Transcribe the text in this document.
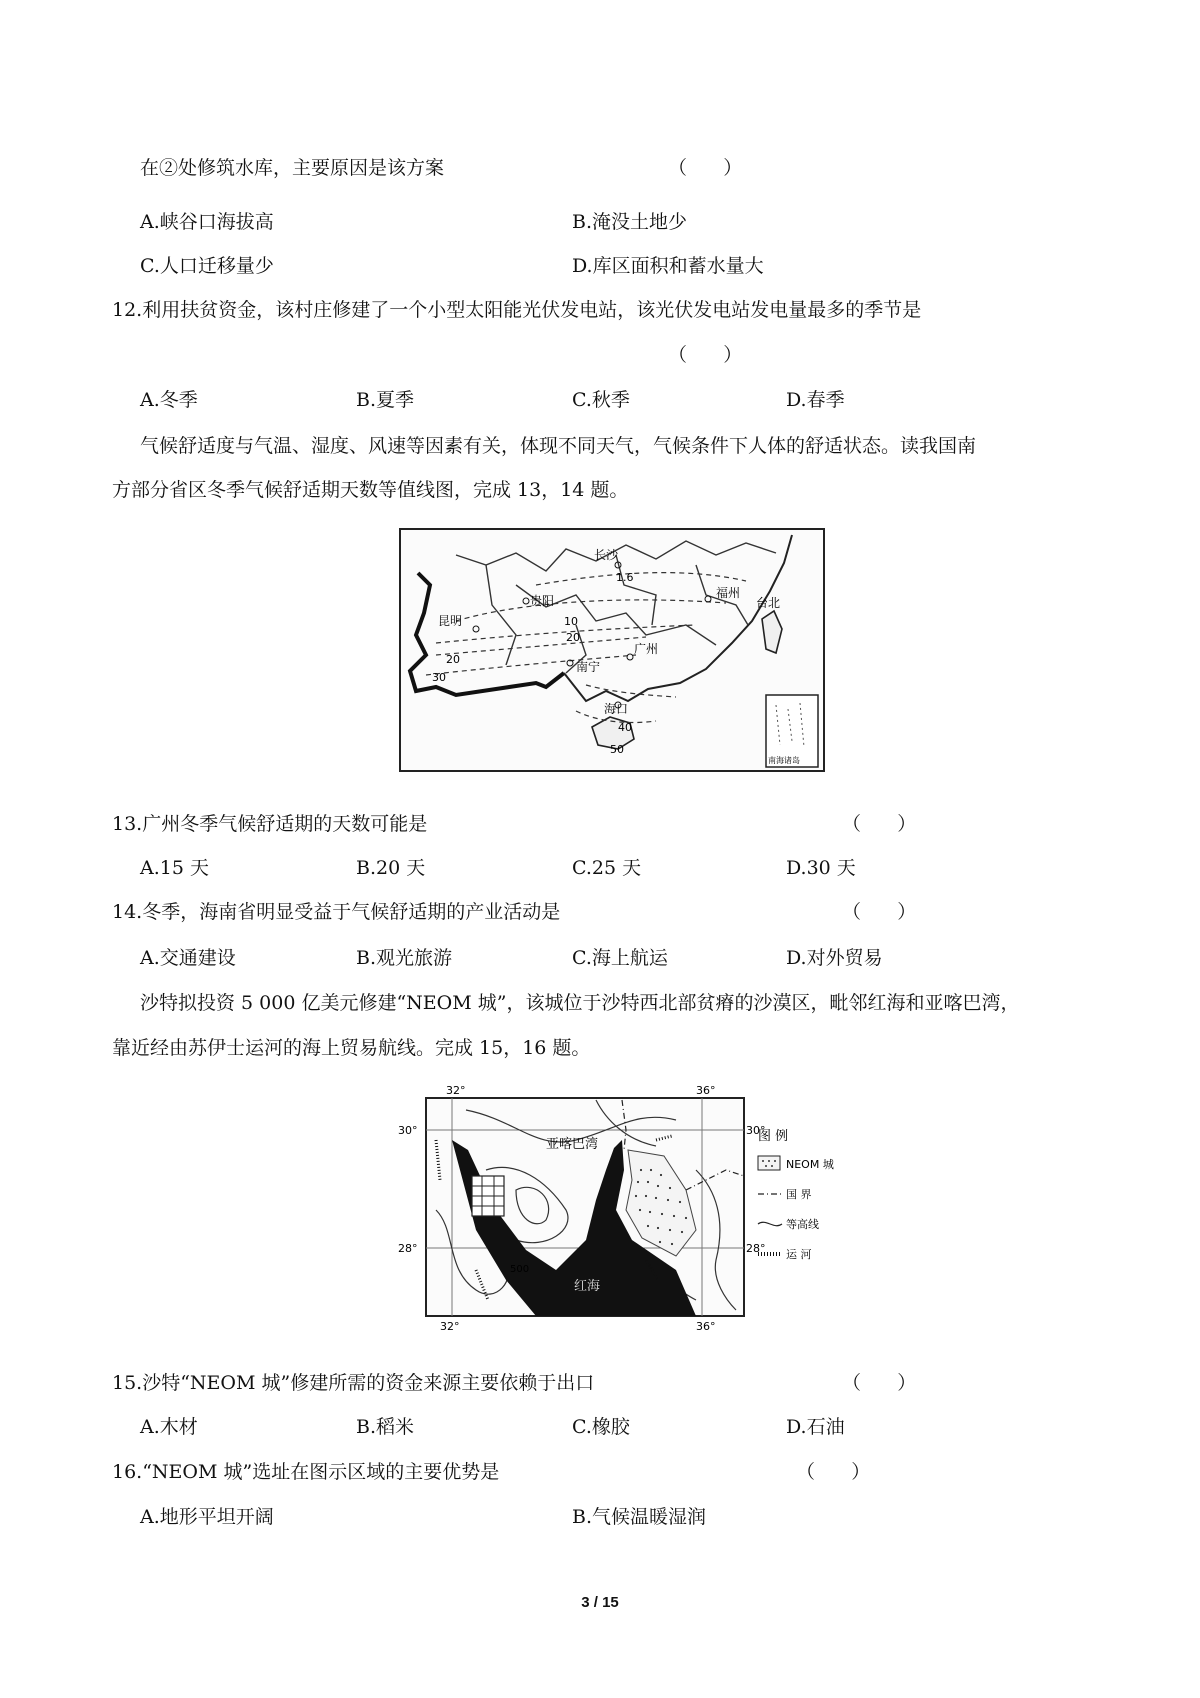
在②处修筑水库，主要原因是该方案	（      ）
A.峡谷口海拔高	B.淹没土地少
C.人口迁移量少	D.库区面积和蓄水量大
12.利用扶贫资金，该村庄修建了一个小型太阳能光伏发电站，该光伏发电站发电量最多的季节是
（      ）
A.冬季	B.夏季	C.秋季	D.春季
气候舒适度与气温、湿度、风速等因素有关，体现不同天气，气候条件下人体的舒适状态。读我国南
方部分省区冬季气候舒适期天数等值线图，完成 13，14 题。
长沙
贵阳
福州
昆明
台北
南宁
广州
海口
1.6
10
20
20
30
40
50
南海诸岛
13.广州冬季气候舒适期的天数可能是	（      ）
A.15 天	B.20 天	C.25 天	D.30 天
14.冬季，海南省明显受益于气候舒适期的产业活动是	（      ）
A.交通建设	B.观光旅游	C.海上航运	D.对外贸易
沙特拟投资 5 000 亿美元修建“NEOM 城”，该城位于沙特西北部贫瘠的沙漠区，毗邻红海和亚喀巴湾，
靠近经由苏伊士运河的海上贸易航线。完成 15，16 题。
32°	36°
32°	36°
30°	30°
28°	28°
亚喀巴湾
红海
500
图 例
NEOM 城
国 界
等高线
运 河
15.沙特“NEOM 城”修建所需的资金来源主要依赖于出口	（      ）
A.木材	B.稻米	C.橡胶	D.石油
16.“NEOM 城”选址在图示区域的主要优势是	（      ）
A.地形平坦开阔	B.气候温暖湿润
3 / 15
